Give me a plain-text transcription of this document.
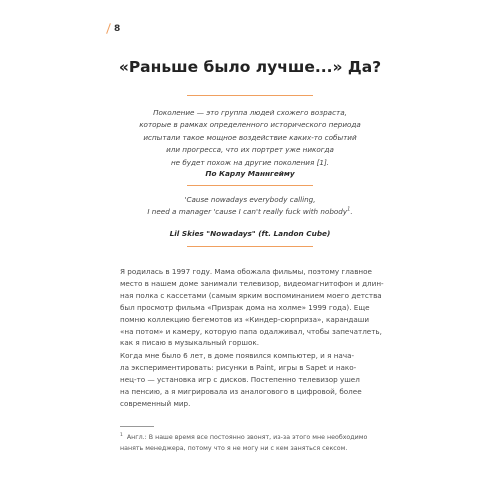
8
«Раньше было лучше...» Да?
Поколение — это группа людей схожего возраста,
которые в рамках определенного исторического периода
испытали такое мощное воздействие каких-то событий
или прогресса, что их портрет уже никогда
не будет похож на другие поколения [1].
По Карлу Маннгейму
'Cause nowadays everybody calling,
I need a manager 'cause I can't really fuck with nobody$^1$.
Lil Skies "Nowadays" (ft. Landon Cube)
Я родилась в 1997 году. Мама обожала фильмы, поэтому главное
место в нашем доме занимали телевизор, видеомагнитофон и длин-
ная полка с кассетами (самым ярким воспоминанием моего детства
был просмотр фильма «Призрак дома на холме» 1999 года). Еще
помню коллекцию бегемотов из «Киндер-сюрприза», карандаши
«на потом» и камеру, которую папа одалживал, чтобы запечатлеть,
как я писаю в музыкальный горшок.
Когда мне было 6 лет, в доме появился компьютер, и я нача-
ла экспериментировать: рисунки в Paint, игры в Sapet и нако-
нец-то — установка игр с дисков. Постепенно телевизор ушел
на пенсию, а я мигрировала из аналогового в цифровой, более
современный мир.
$^1$ Англ.: В наше время все постоянно звонят, из-за этого мне необходимо
нанять менеджера, потому что я не могу ни с кем заняться сексом.
